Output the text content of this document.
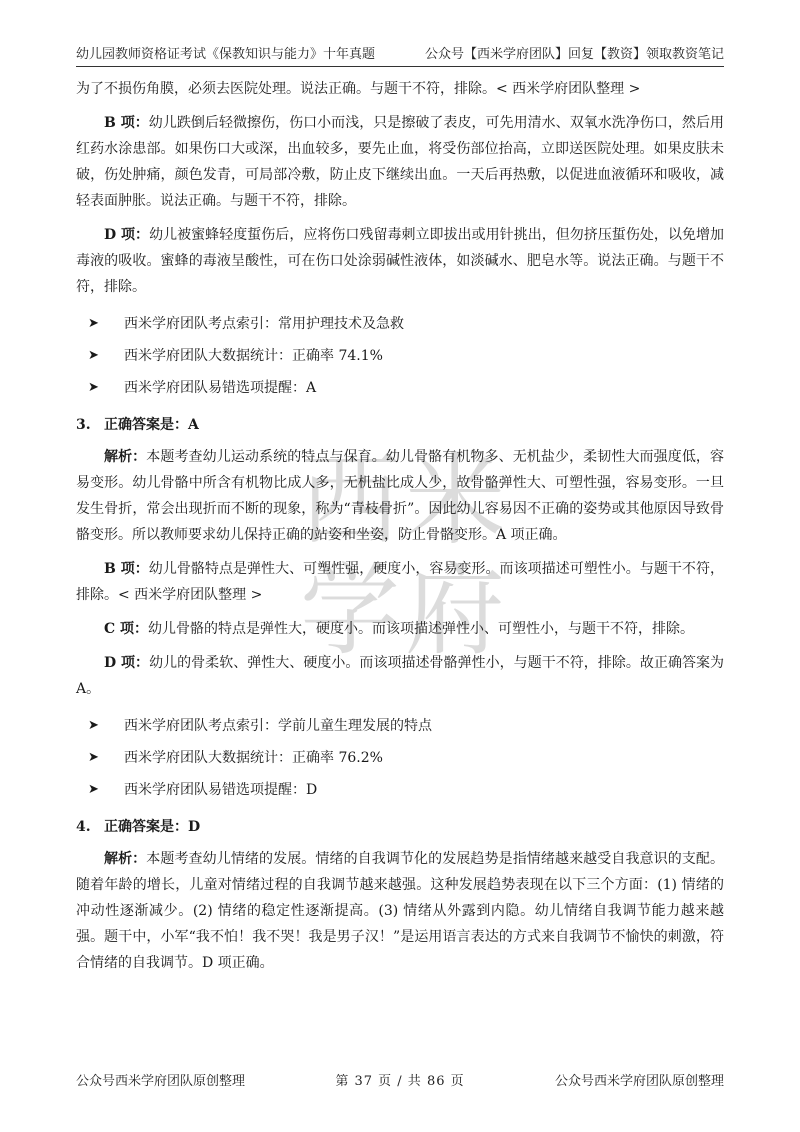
幼儿园教师资格证考试《保教知识与能力》十年真题	公众号【西米学府团队】回复【教资】领取教资笔记
西 米
学 府

为了不损伤角膜，必须去医院处理。说法正确。与题干不符，排除。< 西米学府团队整理 >

B 项：幼儿跌倒后轻微擦伤，伤口小而浅，只是擦破了表皮，可先用清水、双氧水洗净伤口，然后用红药水涂患部。如果伤口大或深，出血较多，要先止血，将受伤部位抬高，立即送医院处理。如果皮肤未破，伤处肿痛，颜色发青，可局部冷敷，防止皮下继续出血。一天后再热敷，以促进血液循环和吸收，减轻表面肿胀。说法正确。与题干不符，排除。

D 项：幼儿被蜜蜂轻度蜇伤后，应将伤口残留毒刺立即拔出或用针挑出，但勿挤压蜇伤处，以免增加毒液的吸收。蜜蜂的毒液呈酸性，可在伤口处涂弱碱性液体，如淡碱水、肥皂水等。说法正确。与题干不符，排除。

➤ 西米学府团队考点索引：常用护理技术及急救
➤ 西米学府团队大数据统计：正确率 74.1%
➤ 西米学府团队易错选项提醒：A
3. 正确答案是：A

解析：本题考查幼儿运动系统的特点与保育。幼儿骨骼有机物多、无机盐少，柔韧性大而强度低，容易变形。幼儿骨骼中所含有机物比成人多，无机盐比成人少，故骨骼弹性大、可塑性强，容易变形。一旦发生骨折，常会出现折而不断的现象，称为“青枝骨折”。因此幼儿容易因不正确的姿势或其他原因导致骨骼变形。所以教师要求幼儿保持正确的站姿和坐姿，防止骨骼变形。A 项正确。

B 项：幼儿骨骼特点是弹性大、可塑性强，硬度小，容易变形。而该项描述可塑性小。与题干不符，排除。< 西米学府团队整理 >

C 项：幼儿骨骼的特点是弹性大，硬度小。而该项描述弹性小、可塑性小，与题干不符，排除。

D 项：幼儿的骨柔软、弹性大、硬度小。而该项描述骨骼弹性小，与题干不符，排除。故正确答案为 A。

➤ 西米学府团队考点索引：学前儿童生理发展的特点
➤ 西米学府团队大数据统计：正确率 76.2%
➤ 西米学府团队易错选项提醒：D
4. 正确答案是：D

解析：本题考查幼儿情绪的发展。情绪的自我调节化的发展趋势是指情绪越来越受自我意识的支配。随着年龄的增长，儿童对情绪过程的自我调节越来越强。这种发展趋势表现在以下三个方面：(1) 情绪的冲动性逐渐减少。(2) 情绪的稳定性逐渐提高。(3) 情绪从外露到内隐。幼儿情绪自我调节能力越来越强。题干中，小军“我不怕！我不哭！我是男子汉！”是运用语言表达的方式来自我调节不愉快的刺激，符合情绪的自我调节。D 项正确。

公众号西米学府团队原创整理	第 37 页 / 共 86 页	公众号西米学府团队原创整理
